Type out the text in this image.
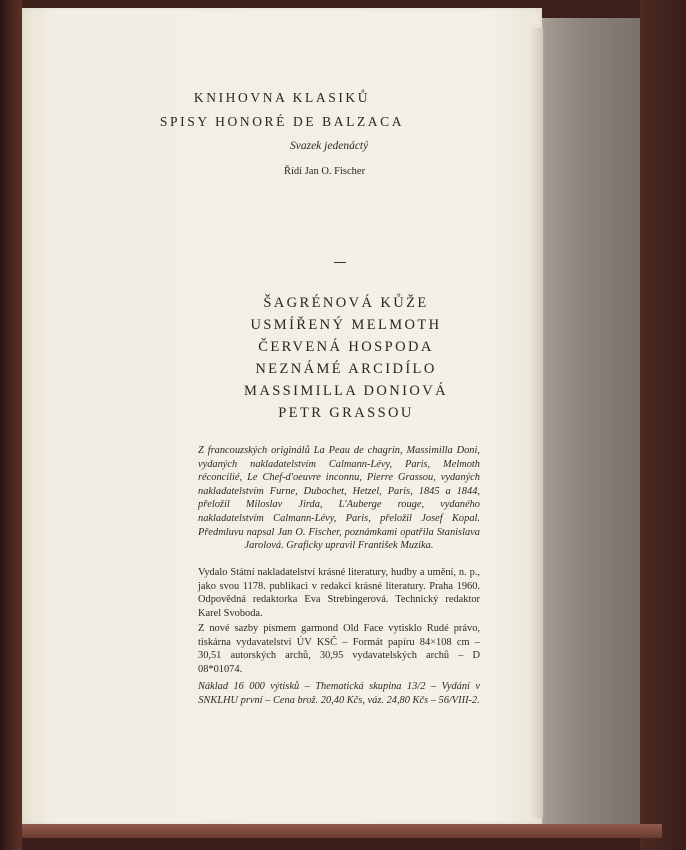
KNIHOVNA KLASIKŮ
SPISY HONORÉ DE BALZACA
Svazek jedenáctý
Řídí Jan O. Fischer
ŠAGRÉNOVÁ KŮŽE
USMÍŘENÝ MELMOTH
ČERVENÁ HOSPODA
NEZNÁMÉ ARCIDÍLO
MASSIMILLA DONIOVÁ
PETR GRASSOU
Z francouzských originálů La Peau de chagrin, Massimilla Doni, vydaných nakladatelstvím Calmann-Lévy, Paris, Melmoth réconcilié, Le Chef-d'oeuvre inconnu, Pierre Grassou, vydaných nakladatelstvím Furne, Dubochet, Hetzel, Paris, 1845 a 1844, přeložil Miloslav Jirda, L'Auberge rouge, vydaného nakladatelstvím Calmann-Lévy, Paris, přeložil Josef Kopal. Předmluvu napsal Jan O. Fischer, poznámkami opatřila Stanislava Jarolová. Graficky upravil František Muzika.
Vydalo Státní nakladatelství krásné literatury, hudby a umění, n. p., jako svou 1178. publikaci v redakci krásné literatury. Praha 1960. Odpovědná redaktorka Eva Strebingerová. Technický redaktor Karel Svoboda.
Z nové sazby písmem garmond Old Face vytisklo Rudé právo, tiskárna vydavatelství ÚV KSČ – Formát papíru 84×108 cm – 30,51 autorských archů, 30,95 vydavatelských archů – D 08*01074.
Náklad 16 000 výtisků – Thematická skupina 13/2 – Vydání v SNKLHU první – Cena brož. 20,40 Kčs, váz. 24,80 Kčs – 56/VIII-2.
